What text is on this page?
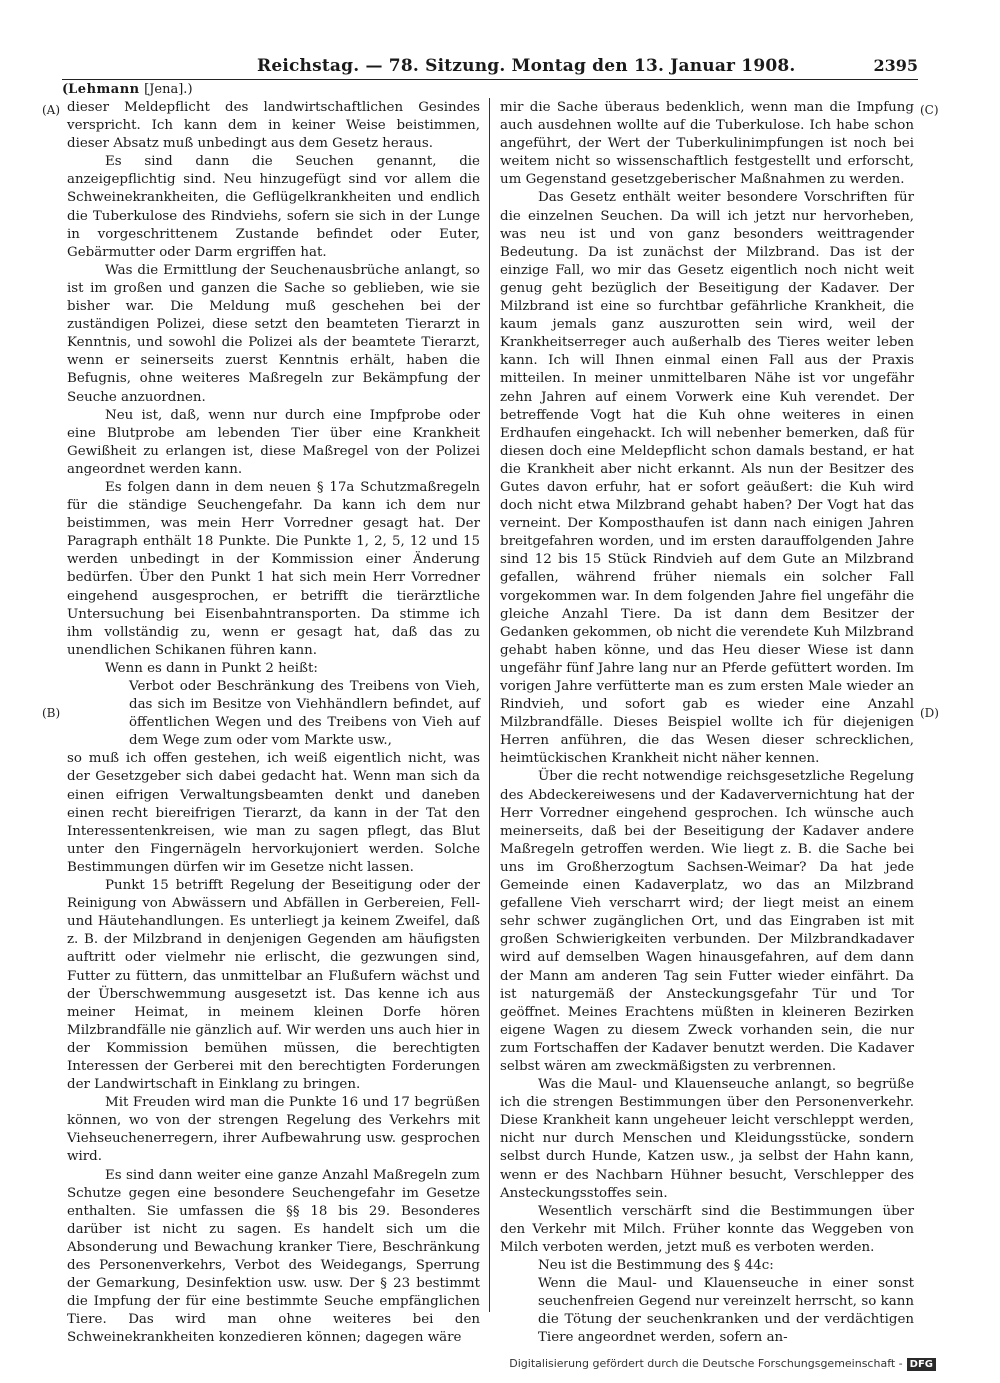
Reichstag. — 78. Sitzung. Montag den 13. Januar 1908.	2395
(Lehmann [Jena].)
(A)
(B)
(C)
(D)

dieser Meldepflicht des landwirtschaftlichen Gesindes verspricht. Ich kann dem in keiner Weise beistimmen, dieser Absatz muß unbedingt aus dem Gesetz heraus.

Es sind dann die Seuchen genannt, die anzeigepflichtig sind. Neu hinzugefügt sind vor allem die Schweinekrankheiten, die Geflügelkrankheiten und endlich die Tuberkulose des Rindviehs, sofern sie sich in der Lunge in vorgeschrittenem Zustande befindet oder Euter, Gebärmutter oder Darm ergriffen hat.

Was die Ermittlung der Seuchenausbrüche anlangt, so ist im großen und ganzen die Sache so geblieben, wie sie bisher war. Die Meldung muß geschehen bei der zuständigen Polizei, diese setzt den beamteten Tierarzt in Kenntnis, und sowohl die Polizei als der beamtete Tierarzt, wenn er seinerseits zuerst Kenntnis erhält, haben die Befugnis, ohne weiteres Maßregeln zur Bekämpfung der Seuche anzuordnen.

Neu ist, daß, wenn nur durch eine Impfprobe oder eine Blutprobe am lebenden Tier über eine Krankheit Gewißheit zu erlangen ist, diese Maßregel von der Polizei angeordnet werden kann.

Es folgen dann in dem neuen § 17a Schutzmaßregeln für die ständige Seuchengefahr. Da kann ich dem nur beistimmen, was mein Herr Vorredner gesagt hat. Der Paragraph enthält 18 Punkte. Die Punkte 1, 2, 5, 12 und 15 werden unbedingt in der Kommission einer Änderung bedürfen. Über den Punkt 1 hat sich mein Herr Vorredner eingehend ausgesprochen, er betrifft die tierärztliche Untersuchung bei Eisenbahntransporten. Da stimme ich ihm vollständig zu, wenn er gesagt hat, daß das zu unendlichen Schikanen führen kann.

Wenn es dann in Punkt 2 heißt:

Verbot oder Beschränkung des Treibens von Vieh, das sich im Besitze von Viehhändlern befindet, auf öffentlichen Wegen und des Treibens von Vieh auf dem Wege zum oder vom Markte usw.,

so muß ich offen gestehen, ich weiß eigentlich nicht, was der Gesetzgeber sich dabei gedacht hat. Wenn man sich da einen eifrigen Verwaltungsbeamten denkt und daneben einen recht biereifrigen Tierarzt, da kann in der Tat den Interessentenkreisen, wie man zu sagen pflegt, das Blut unter den Fingernägeln hervorkujoniert werden. Solche Bestimmungen dürfen wir im Gesetze nicht lassen.

Punkt 15 betrifft Regelung der Beseitigung oder der Reinigung von Abwässern und Abfällen in Gerbereien, Fell- und Häutehandlungen. Es unterliegt ja keinem Zweifel, daß z. B. der Milzbrand in denjenigen Gegenden am häufigsten auftritt oder vielmehr nie erlischt, die gezwungen sind, Futter zu füttern, das unmittelbar an Flußufern wächst und der Überschwemmung ausgesetzt ist. Das kenne ich aus meiner Heimat, in meinem kleinen Dorfe hören Milzbrandfälle nie gänzlich auf. Wir werden uns auch hier in der Kommission bemühen müssen, die berechtigten Interessen der Gerberei mit den berechtigten Forderungen der Landwirtschaft in Einklang zu bringen.

Mit Freuden wird man die Punkte 16 und 17 begrüßen können, wo von der strengen Regelung des Verkehrs mit Viehseuchenerregern, ihrer Aufbewahrung usw. gesprochen wird.

Es sind dann weiter eine ganze Anzahl Maßregeln zum Schutze gegen eine besondere Seuchengefahr im Gesetze enthalten. Sie umfassen die §§ 18 bis 29. Besonderes darüber ist nicht zu sagen. Es handelt sich um die Absonderung und Bewachung kranker Tiere, Beschränkung des Personenverkehrs, Verbot des Weidegangs, Sperrung der Gemarkung, Desinfektion usw. usw. Der § 23 bestimmt die Impfung der für eine bestimmte Seuche empfänglichen Tiere. Das wird man ohne weiteres bei den Schweinekrankheiten konzedieren können; dagegen wäre

mir die Sache überaus bedenklich, wenn man die Impfung auch ausdehnen wollte auf die Tuberkulose. Ich habe schon angeführt, der Wert der Tuberkulinimpfungen ist noch bei weitem nicht so wissenschaftlich festgestellt und erforscht, um Gegenstand gesetzgeberischer Maßnahmen zu werden.

Das Gesetz enthält weiter besondere Vorschriften für die einzelnen Seuchen. Da will ich jetzt nur hervorheben, was neu ist und von ganz besonders weittragender Bedeutung. Da ist zunächst der Milzbrand. Das ist der einzige Fall, wo mir das Gesetz eigentlich noch nicht weit genug geht bezüglich der Beseitigung der Kadaver. Der Milzbrand ist eine so furchtbar gefährliche Krankheit, die kaum jemals ganz auszurotten sein wird, weil der Krankheitserreger auch außerhalb des Tieres weiter leben kann. Ich will Ihnen einmal einen Fall aus der Praxis mitteilen. In meiner unmittelbaren Nähe ist vor ungefähr zehn Jahren auf einem Vorwerk eine Kuh verendet. Der betreffende Vogt hat die Kuh ohne weiteres in einen Erdhaufen eingehackt. Ich will nebenher bemerken, daß für diesen doch eine Meldepflicht schon damals bestand, er hat die Krankheit aber nicht erkannt. Als nun der Besitzer des Gutes davon erfuhr, hat er sofort geäußert: die Kuh wird doch nicht etwa Milzbrand gehabt haben? Der Vogt hat das verneint. Der Komposthaufen ist dann nach einigen Jahren breitgefahren worden, und im ersten darauffolgenden Jahre sind 12 bis 15 Stück Rindvieh auf dem Gute an Milzbrand gefallen, während früher niemals ein solcher Fall vorgekommen war. In dem folgenden Jahre fiel ungefähr die gleiche Anzahl Tiere. Da ist dann dem Besitzer der Gedanken gekommen, ob nicht die verendete Kuh Milzbrand gehabt haben könne, und das Heu dieser Wiese ist dann ungefähr fünf Jahre lang nur an Pferde gefüttert worden. Im vorigen Jahre verfütterte man es zum ersten Male wieder an Rindvieh, und sofort gab es wieder eine Anzahl Milzbrandfälle. Dieses Beispiel wollte ich für diejenigen Herren anführen, die das Wesen dieser schrecklichen, heimtückischen Krankheit nicht näher kennen.

Über die recht notwendige reichsgesetzliche Regelung des Abdeckereiwesens und der Kadaververnichtung hat der Herr Vorredner eingehend gesprochen. Ich wünsche auch meinerseits, daß bei der Beseitigung der Kadaver andere Maßregeln getroffen werden. Wie liegt z. B. die Sache bei uns im Großherzogtum Sachsen-Weimar? Da hat jede Gemeinde einen Kadaverplatz, wo das an Milzbrand gefallene Vieh verscharrt wird; der liegt meist an einem sehr schwer zugänglichen Ort, und das Eingraben ist mit großen Schwierigkeiten verbunden. Der Milzbrandkadaver wird auf demselben Wagen hinausgefahren, auf dem dann der Mann am anderen Tag sein Futter wieder einfährt. Da ist naturgemäß der Ansteckungsgefahr Tür und Tor geöffnet. Meines Erachtens müßten in kleineren Bezirken eigene Wagen zu diesem Zweck vorhanden sein, die nur zum Fortschaffen der Kadaver benutzt werden. Die Kadaver selbst wären am zweckmäßigsten zu verbrennen.

Was die Maul- und Klauenseuche anlangt, so begrüße ich die strengen Bestimmungen über den Personenverkehr. Diese Krankheit kann ungeheuer leicht verschleppt werden, nicht nur durch Menschen und Kleidungsstücke, sondern selbst durch Hunde, Katzen usw., ja selbst der Hahn kann, wenn er des Nachbarn Hühner besucht, Verschlepper des Ansteckungsstoffes sein.

Wesentlich verschärft sind die Bestimmungen über den Verkehr mit Milch. Früher konnte das Weggeben von Milch verboten werden, jetzt muß es verboten werden.

Neu ist die Bestimmung des § 44c:

Wenn die Maul- und Klauenseuche in einer sonst seuchenfreien Gegend nur vereinzelt herrscht, so kann die Tötung der seuchenkranken und der verdächtigen Tiere angeordnet werden, sofern an-

Digitalisierung gefördert durch die Deutsche Forschungsgemeinschaft - DFG
